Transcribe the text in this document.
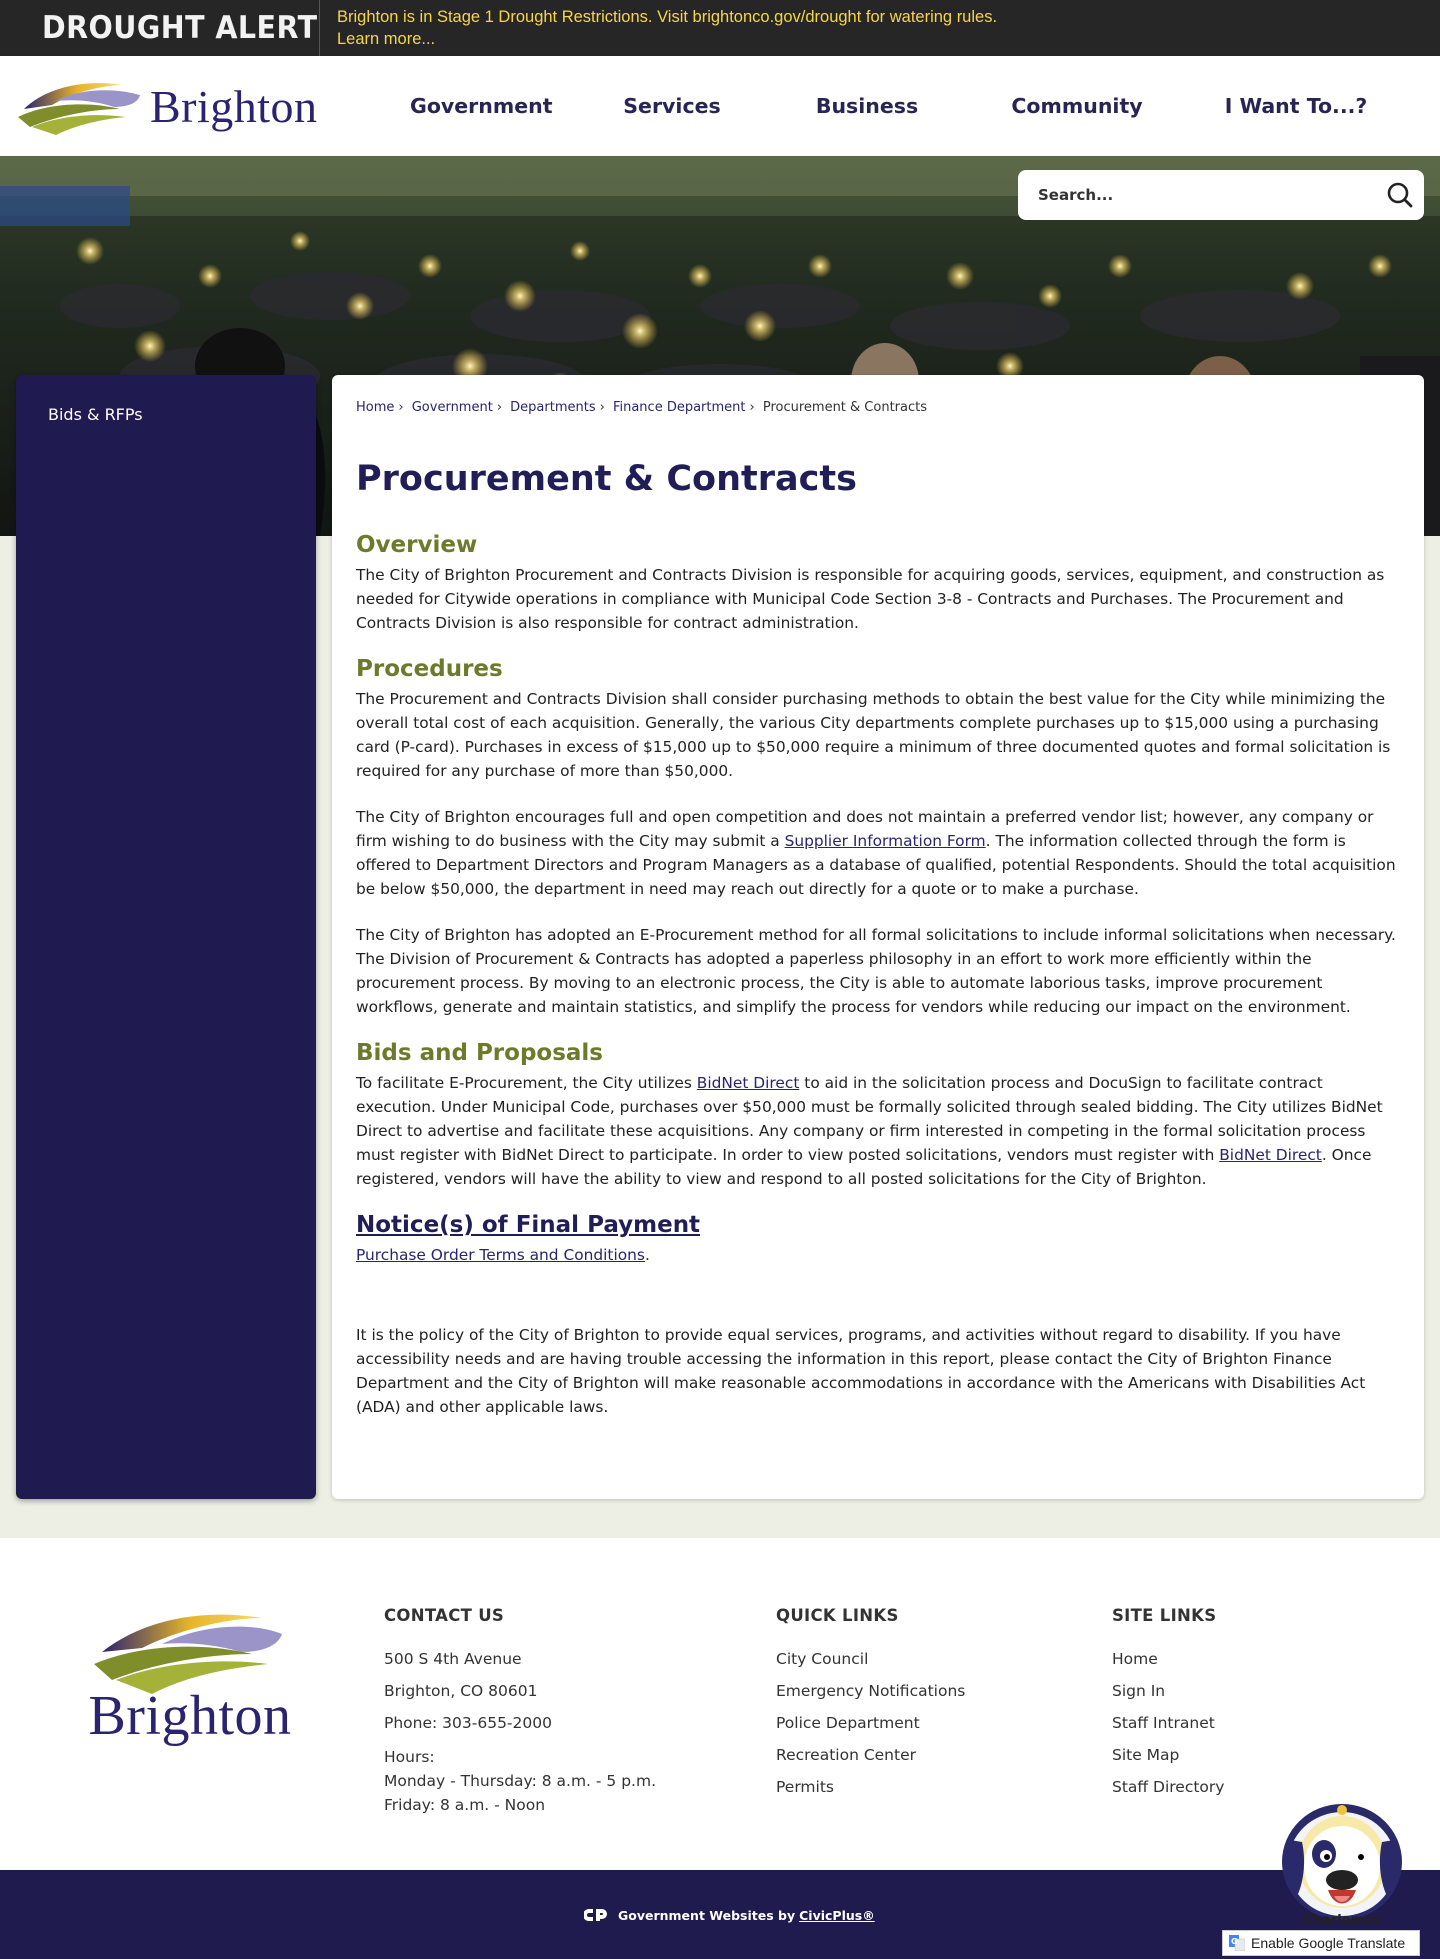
DROUGHT ALERT Brighton is in Stage 1 Drought Restrictions. Visit brightonco.gov/drought for watering rules.
Learn more...
Brighton	Government	Services	Business	Community	I Want To...?
Search...
Bids & RFPs	Home › Government › Departments › Finance Department › Procurement & Contracts
Procurement & Contracts
Overview

The City of Brighton Procurement and Contracts Division is responsible for acquiring goods, services, equipment, and construction as needed for Citywide operations in compliance with Municipal Code Section 3-8 - Contracts and Purchases. The Procurement and Contracts Division is also responsible for contract administration.

Procedures

The Procurement and Contracts Division shall consider purchasing methods to obtain the best value for the City while minimizing the overall total cost of each acquisition. Generally, the various City departments complete purchases up to $15,000 using a purchasing card (P-card). Purchases in excess of $15,000 up to $50,000 require a minimum of three documented quotes and formal solicitation is required for any purchase of more than $50,000.

The City of Brighton encourages full and open competition and does not maintain a preferred vendor list; however, any company or firm wishing to do business with the City may submit a Supplier Information Form. The information collected through the form is offered to Department Directors and Program Managers as a database of qualified, potential Respondents. Should the total acquisition be below $50,000, the department in need may reach out directly for a quote or to make a purchase.

The City of Brighton has adopted an E-Procurement method for all formal solicitations to include informal solicitations when necessary. The Division of Procurement & Contracts has adopted a paperless philosophy in an effort to work more efficiently within the procurement process. By moving to an electronic process, the City is able to automate laborious tasks, improve procurement workflows, generate and maintain statistics, and simplify the process for vendors while reducing our impact on the environment.

Bids and Proposals

To facilitate E-Procurement, the City utilizes BidNet Direct to aid in the solicitation process and DocuSign to facilitate contract execution. Under Municipal Code, purchases over $50,000 must be formally solicited through sealed bidding. The City utilizes BidNet Direct to advertise and facilitate these acquisitions. Any company or firm interested in competing in the formal solicitation process must register with BidNet Direct to participate. In order to view posted solicitations, vendors must register with BidNet Direct. Once registered, vendors will have the ability to view and respond to all posted solicitations for the City of Brighton.

Notice(s) of Final Payment

Purchase Order Terms and Conditions.

It is the policy of the City of Brighton to provide equal services, programs, and activities without regard to disability. If you have accessibility needs and are having trouble accessing the information in this report, please contact the City of Brighton Finance Department and the City of Brighton will make reasonable accommodations in accordance with the Americans with Disabilities Act (ADA) and other applicable laws.

Brighton
CONTACT US
500 S 4th Avenue
Brighton, CO 80601
Phone: 303-655-2000
Hours:
Monday - Thursday: 8 a.m. - 5 p.m.
Friday: 8 a.m. - Noon
QUICK LINKS
City Council
Emergency Notifications
Police Department
Recreation Center
Permits
SITE LINKS
Home
Sign In
Staff Intranet
Site Map
Staff Directory
Government Websites by CivicPlus®	Charlemos
G Enable Google Translate
